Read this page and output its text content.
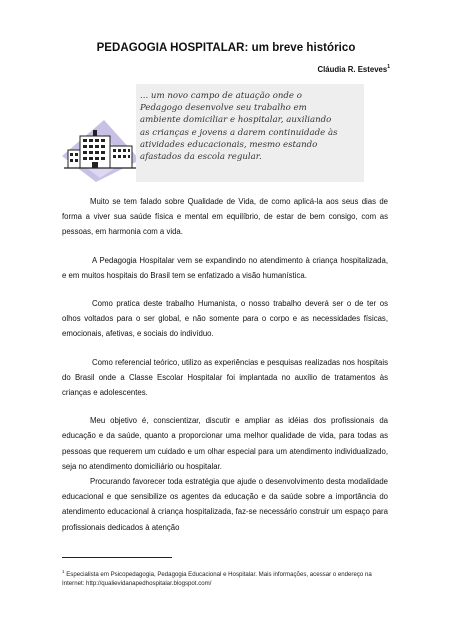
PEDAGOGIA HOSPITALAR: um breve histórico
Cláudia R. Esteves$^1$
... um novo campo de atuação onde o
Pedagogo desenvolve seu trabalho em
ambiente domiciliar e hospitalar, auxiliando
as crianças e jovens a darem continuidade às
atividades educacionais, mesmo estando
afastados da escola regular.

Muito se tem falado sobre Qualidade de Vida, de como aplicá-la aos seus dias de forma a viver sua saúde física e mental em equilíbrio, de estar de bem consigo, com as pessoas, em harmonia com a vida.

A Pedagogia Hospitalar vem se expandindo no atendimento à criança hospitalizada, e em muitos hospitais do Brasil tem se enfatizado a visão humanística.

Como pratica deste trabalho Humanista, o nosso trabalho deverá ser o de ter os olhos voltados para o ser global, e não somente para o corpo e as necessidades físicas, emocionais, afetivas, e sociais do indivíduo.

Como referencial teórico, utilizo as experiências e pesquisas realizadas nos hospitais do Brasil onde a Classe Escolar Hospitalar foi implantada no auxílio de tratamentos às crianças e adolescentes.

Meu objetivo é, conscientizar, discutir e ampliar as idéias dos profissionais da educação e da saúde, quanto a proporcionar uma melhor qualidade de vida, para todas as pessoas que requerem um cuidado e um olhar especial para um atendimento individualizado, seja no atendimento domiciliário ou hospitalar.

Procurando favorecer toda estratégia que ajude o desenvolvimento desta modalidade educacional e que sensibilize os agentes da educação e da saúde sobre a importância do atendimento educacional à criança hospitalizada, faz-se necessário construir um espaço para profissionais dedicados à atenção

$^1$ Especialista em Psicopedagogia, Pedagogia Educacional e Hospitalar. Mais informações, acessar o endereço na Internet: http://qualievidanapedhospitalar.blogspot.com/
